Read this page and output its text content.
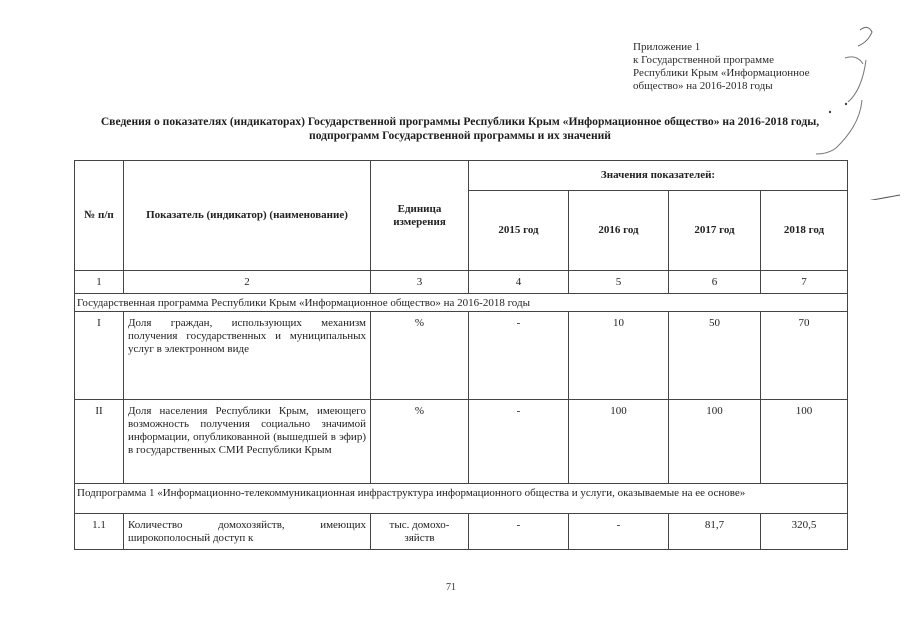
Приложение 1
к Государственной программе
Республики Крым «Информационное
общество» на 2016-2018 годы
Сведения о показателях (индикаторах) Государственной программы Республики Крым «Информационное общество» на 2016-2018 годы,
подпрограмм Государственной программы и их значений
№ п/п	Показатель (индикатор) (наименование)	Единица измерения	Значения показателей:			
			2015 год	2016 год	2017 год	2018 год
1	2	3	4	5	6	7
Государственная программа Республики Крым «Информационное общество» на 2016-2018 годы						
I	Доля граждан, использующих механизм получения государственных и муниципальных услуг в электронном виде	%	-	10	50	70
II	Доля населения Республики Крым, имеющего возможность получения социально значимой информации, опубликованной (вышедшей в эфир) в государственных СМИ Республики Крым	%	-	100	100	100
Подпрограмма 1 «Информационно-телекоммуникационная инфраструктура информационного общества и услуги, оказываемые на ее основе»						
1.1	Количество домохозяйств, имеющих широкополосный доступ к	тыс. домохо-зяйств	-	-	81,7	320,5
71
